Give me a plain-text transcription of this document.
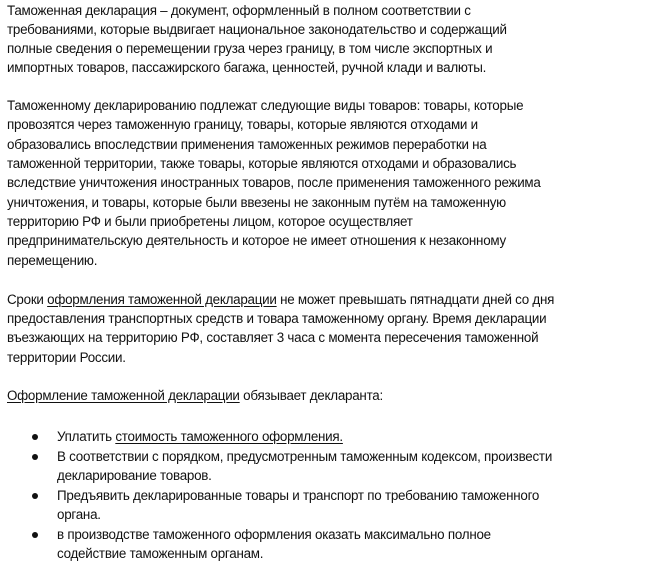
Таможенная декларация – документ, оформленный в полном соответствии с
требованиями, которые выдвигает национальное законодательство и содержащий
полные сведения о перемещении груза через границу, в том числе экспортных и
импортных товаров, пассажирского багажа, ценностей, ручной клади и валюты.
Таможенному декларированию подлежат следующие виды товаров: товары, которые
провозятся через таможенную границу, товары, которые являются отходами и
образовались впоследствии применения таможенных режимов переработки на
таможенной территории, также товары, которые являются отходами и образовались
вследствие уничтожения иностранных товаров, после применения таможенного режима
уничтожения, и товары, которые были ввезены не законным путём на таможенную
территорию РФ и были приобретены лицом, которое осуществляет
предпринимательскую деятельность и которое не имеет отношения к незаконному
перемещению.
Сроки оформления таможенной декларации не может превышать пятнадцати дней со дня
предоставления транспортных средств и товара таможенному органу. Время декларации
въезжающих на территорию РФ, составляет 3 часа с момента пересечения таможенной
территории России.
Оформление таможенной декларации обязывает декларанта:
Уплатить стоимость таможенного оформления.
В соответствии с порядком, предусмотренным таможенным кодексом, произвести
декларирование товаров.
Предъявить декларированные товары и транспорт по требованию таможенного
органа.
в производстве таможенного оформления оказать максимально полное
содействие таможенным органам.
